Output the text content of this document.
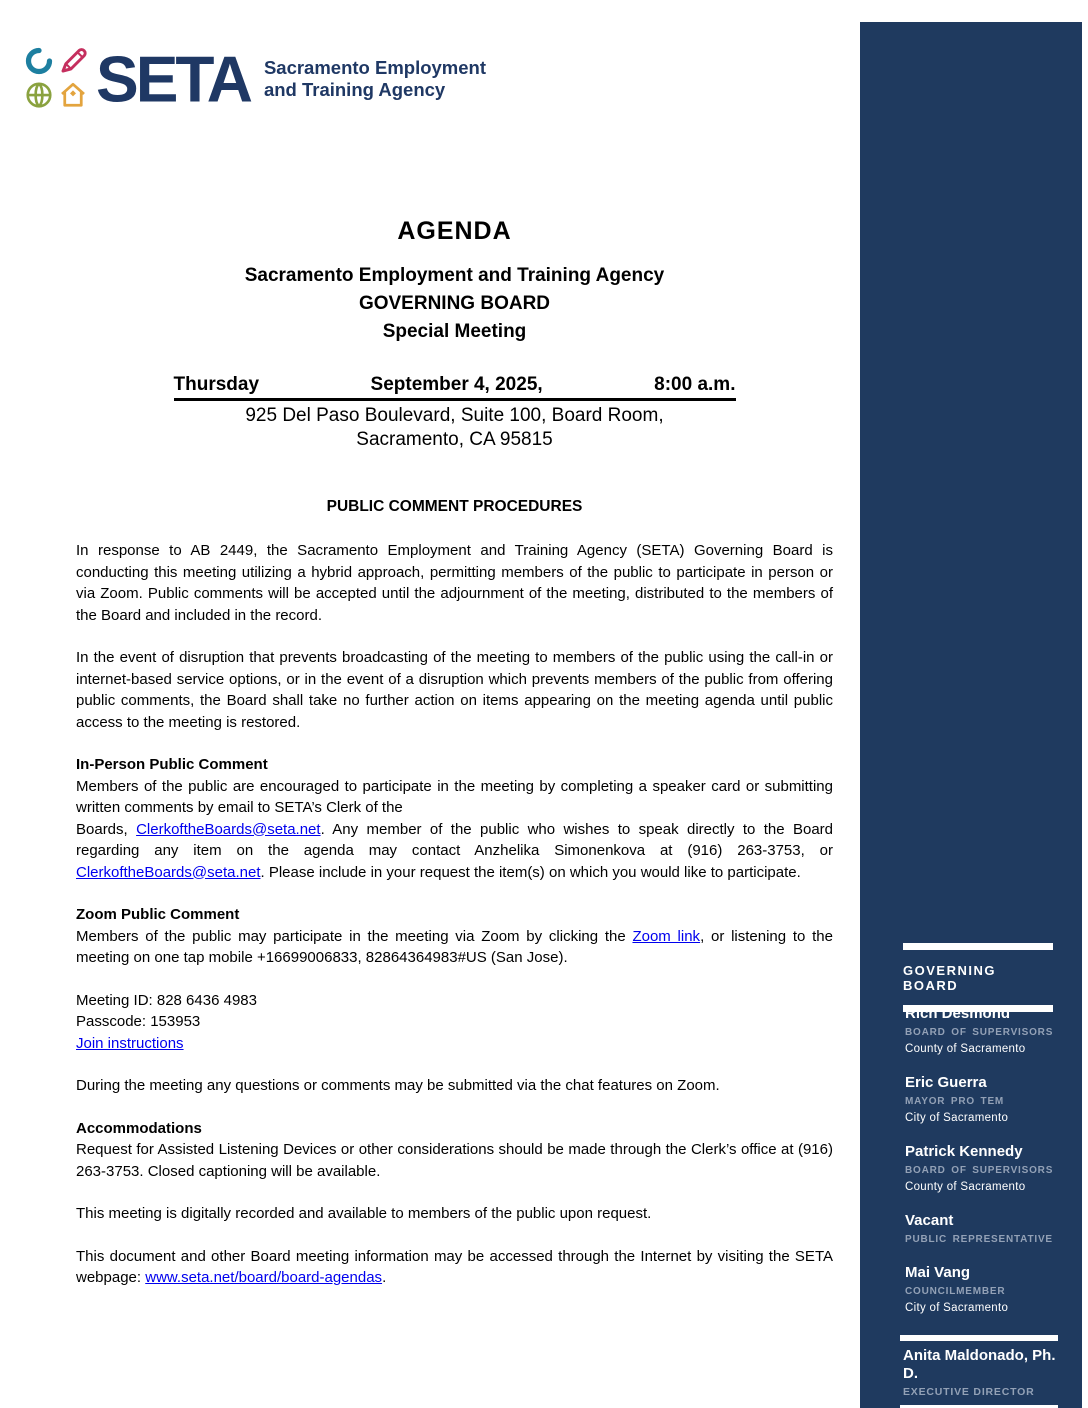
SETA Sacramento Employment
and Training Agency
AGENDA
Sacramento Employment and Training Agency
GOVERNING BOARD
Special Meeting
Thursday	September 4, 2025,	8:00 a.m.
925 Del Paso Boulevard, Suite 100, Board Room,
Sacramento, CA 95815
PUBLIC COMMENT PROCEDURES

In response to AB 2449, the Sacramento Employment and Training Agency (SETA) Governing Board is conducting this meeting utilizing a hybrid approach, permitting members of the public to participate in person or via Zoom. Public comments will be accepted until the adjournment of the meeting, distributed to the members of the Board and included in the record.

In the event of disruption that prevents broadcasting of the meeting to members of the public using the call-in or internet-based service options, or in the event of a disruption which prevents members of the public from offering public comments, the Board shall take no further action on items appearing on the meeting agenda until public access to the meeting is restored.

In-Person Public Comment

Members of the public are encouraged to participate in the meeting by completing a speaker card or submitting written comments by email to SETA’s Clerk of the
Boards, ClerkoftheBoards@seta.net. Any member of the public who wishes to speak directly to the Board regarding any item on the agenda may contact Anzhelika Simonenkova at (916) 263-3753, or ClerkoftheBoards@seta.net. Please include in your request the item(s) on which you would like to participate.

Zoom Public Comment

Members of the public may participate in the meeting via Zoom by clicking the Zoom link, or listening to the meeting on one tap mobile +16699006833, 82864364983#US (San Jose).

Meeting ID: 828 6436 4983
Passcode: 153953
Join instructions

During the meeting any questions or comments may be submitted via the chat features on Zoom.

Accommodations

Request for Assisted Listening Devices or other considerations should be made through the Clerk’s office at (916) 263-3753. Closed captioning will be available.

This meeting is digitally recorded and available to members of the public upon request.

This document and other Board meeting information may be accessed through the Internet by visiting the SETA webpage: www.seta.net/board/board-agendas.

GOVERNING BOARD
Rich Desmond
BOARD OF SUPERVISORS
County of Sacramento
Eric Guerra
MAYOR PRO TEM
City of Sacramento
Patrick Kennedy
BOARD OF SUPERVISORS
County of Sacramento
Vacant
PUBLIC REPRESENTATIVE
Mai Vang
COUNCILMEMBER
City of Sacramento
Anita Maldonado, Ph. D.
EXECUTIVE DIRECTOR
